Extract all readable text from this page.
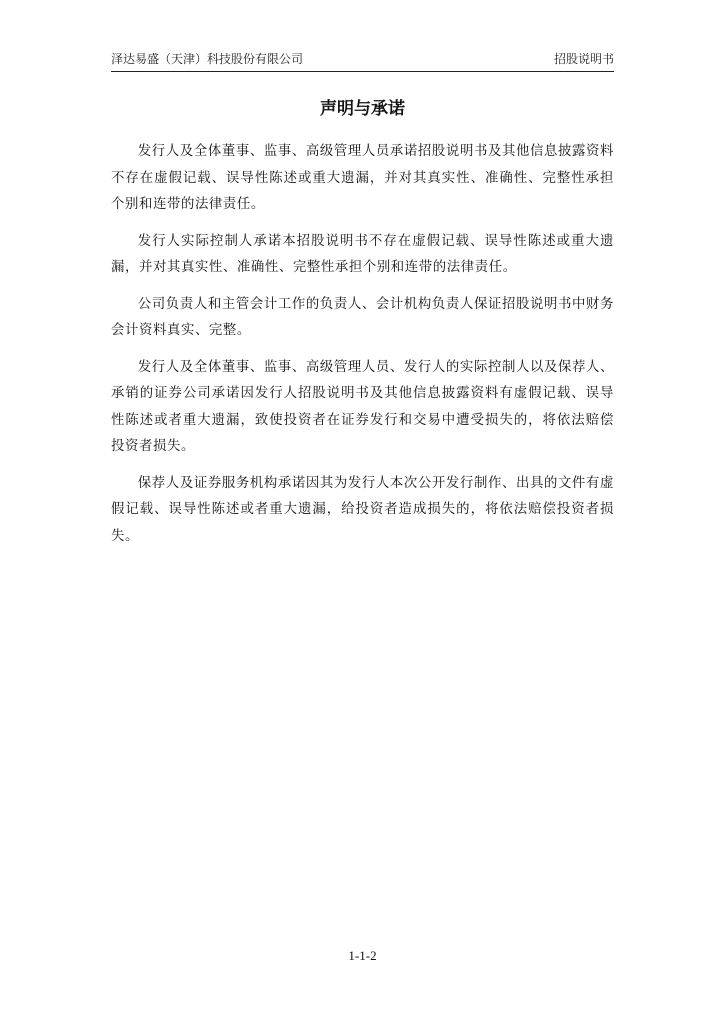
泽达易盛（天津）科技股份有限公司	招股说明书
声明与承诺

发行人及全体董事、监事、高级管理人员承诺招股说明书及其他信息披露资料不存在虚假记载、误导性陈述或重大遗漏，并对其真实性、准确性、完整性承担个别和连带的法律责任。

发行人实际控制人承诺本招股说明书不存在虚假记载、误导性陈述或重大遗漏，并对其真实性、准确性、完整性承担个别和连带的法律责任。

公司负责人和主管会计工作的负责人、会计机构负责人保证招股说明书中财务会计资料真实、完整。

发行人及全体董事、监事、高级管理人员、发行人的实际控制人以及保荐人、承销的证券公司承诺因发行人招股说明书及其他信息披露资料有虚假记载、误导性陈述或者重大遗漏，致使投资者在证券发行和交易中遭受损失的，将依法赔偿投资者损失。

保荐人及证券服务机构承诺因其为发行人本次公开发行制作、出具的文件有虚假记载、误导性陈述或者重大遗漏，给投资者造成损失的，将依法赔偿投资者损失。

1-1-2
